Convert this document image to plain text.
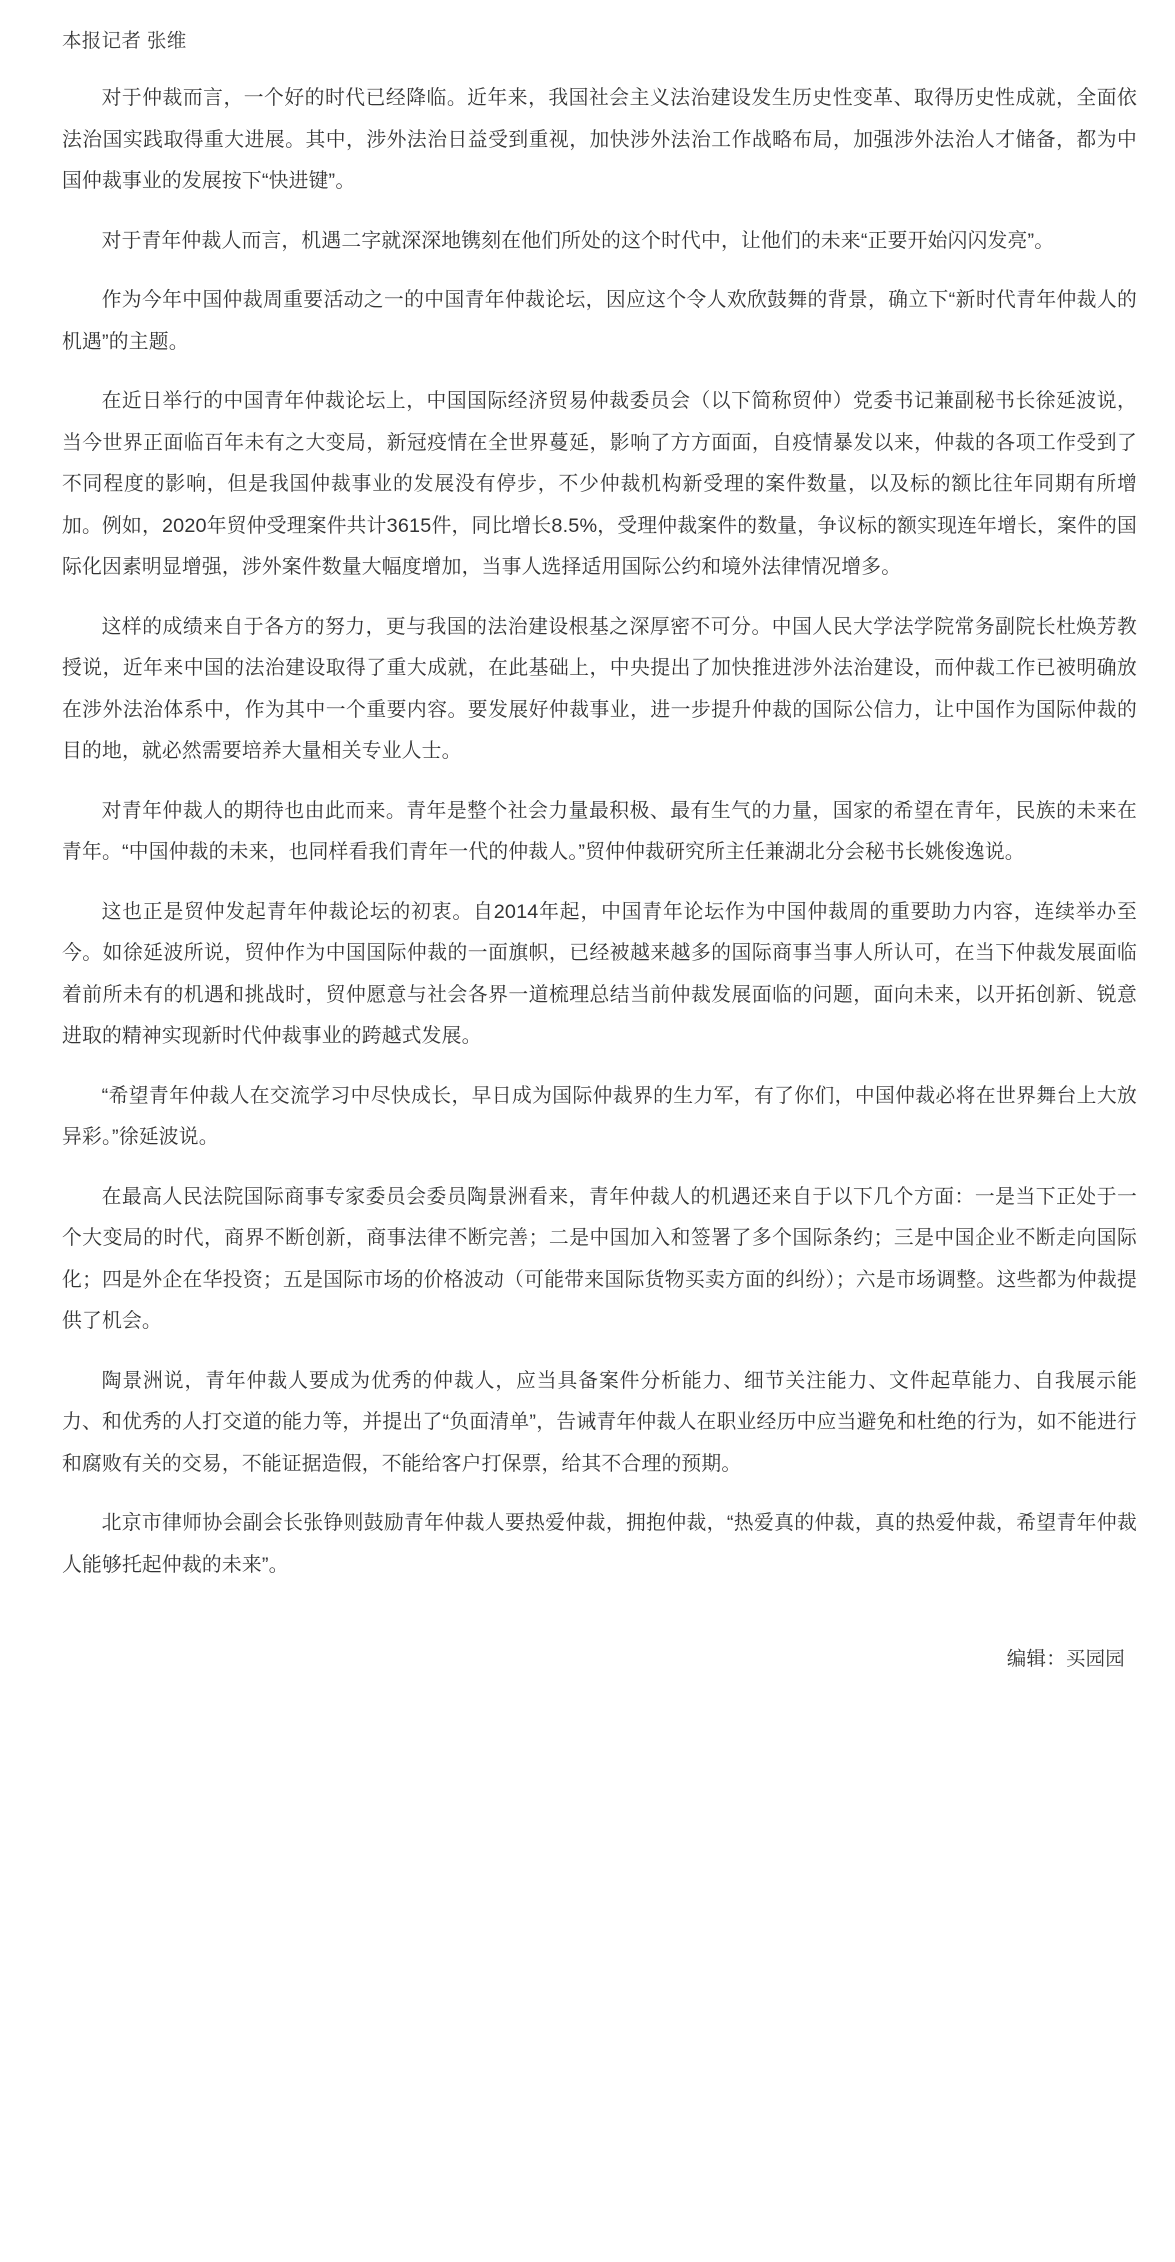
本报记者 张维

对于仲裁而言，一个好的时代已经降临。近年来，我国社会主义法治建设发生历史性变革、取得历史性成就，全面依法治国实践取得重大进展。其中，涉外法治日益受到重视，加快涉外法治工作战略布局，加强涉外法治人才储备，都为中国仲裁事业的发展按下“快进键”。

对于青年仲裁人而言，机遇二字就深深地镌刻在他们所处的这个时代中，让他们的未来“正要开始闪闪发亮”。

作为今年中国仲裁周重要活动之一的中国青年仲裁论坛，因应这个令人欢欣鼓舞的背景，确立下“新时代青年仲裁人的机遇”的主题。

在近日举行的中国青年仲裁论坛上，中国国际经济贸易仲裁委员会（以下简称贸仲）党委书记兼副秘书长徐延波说，当今世界正面临百年未有之大变局，新冠疫情在全世界蔓延，影响了方方面面，自疫情暴发以来，仲裁的各项工作受到了不同程度的影响，但是我国仲裁事业的发展没有停步，不少仲裁机构新受理的案件数量，以及标的额比往年同期有所增加。例如，2020年贸仲受理案件共计3615件，同比增长8.5%，受理仲裁案件的数量，争议标的额实现连年增长，案件的国际化因素明显增强，涉外案件数量大幅度增加，当事人选择适用国际公约和境外法律情况增多。

这样的成绩来自于各方的努力，更与我国的法治建设根基之深厚密不可分。中国人民大学法学院常务副院长杜焕芳教授说，近年来中国的法治建设取得了重大成就，在此基础上，中央提出了加快推进涉外法治建设，而仲裁工作已被明确放在涉外法治体系中，作为其中一个重要内容。要发展好仲裁事业，进一步提升仲裁的国际公信力，让中国作为国际仲裁的目的地，就必然需要培养大量相关专业人士。

对青年仲裁人的期待也由此而来。青年是整个社会力量最积极、最有生气的力量，国家的希望在青年，民族的未来在青年。“中国仲裁的未来，也同样看我们青年一代的仲裁人。”贸仲仲裁研究所主任兼湖北分会秘书长姚俊逸说。

这也正是贸仲发起青年仲裁论坛的初衷。自2014年起，中国青年论坛作为中国仲裁周的重要助力内容，连续举办至今。如徐延波所说，贸仲作为中国国际仲裁的一面旗帜，已经被越来越多的国际商事当事人所认可，在当下仲裁发展面临着前所未有的机遇和挑战时，贸仲愿意与社会各界一道梳理总结当前仲裁发展面临的问题，面向未来，以开拓创新、锐意进取的精神实现新时代仲裁事业的跨越式发展。

“希望青年仲裁人在交流学习中尽快成长，早日成为国际仲裁界的生力军，有了你们，中国仲裁必将在世界舞台上大放异彩。”徐延波说。

在最高人民法院国际商事专家委员会委员陶景洲看来，青年仲裁人的机遇还来自于以下几个方面：一是当下正处于一个大变局的时代，商界不断创新，商事法律不断完善；二是中国加入和签署了多个国际条约；三是中国企业不断走向国际化；四是外企在华投资；五是国际市场的价格波动（可能带来国际货物买卖方面的纠纷）；六是市场调整。这些都为仲裁提供了机会。

陶景洲说，青年仲裁人要成为优秀的仲裁人，应当具备案件分析能力、细节关注能力、文件起草能力、自我展示能力、和优秀的人打交道的能力等，并提出了“负面清单”，告诫青年仲裁人在职业经历中应当避免和杜绝的行为，如不能进行和腐败有关的交易，不能证据造假，不能给客户打保票，给其不合理的预期。

北京市律师协会副会长张铮则鼓励青年仲裁人要热爱仲裁，拥抱仲裁，“热爱真的仲裁，真的热爱仲裁，希望青年仲裁人能够托起仲裁的未来”。

编辑：买园园
